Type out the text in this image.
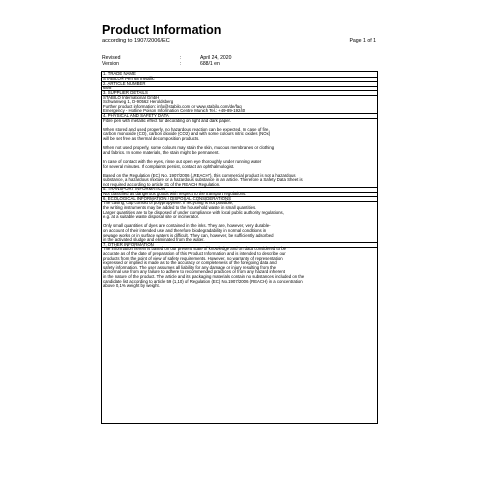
Product Information
according to 1907/2006/EC	Page 1 of 1
Revised	:	April 24, 2020
Version	:	688/1 en
1. TRADE NAME
STABILO® Pen 68 metallic
2. ARTICLE NUMBER
68/8
3. SUPPLIER DETAILS
STABILO International GmbH
Schwanweg 1, D-90562 Heroldsberg
Further product information: info@stabilo.com or www.stabilo.com/de/faq
Emergency - Hotline Poison Information Centre Munich Tel.: +49-89-19240
4. PHYSICAL AND SAFETY DATA
Fibre pen with metallic effect for decorating on light and dark paper.
When stored and used properly, no hazardous reaction can be expected. In case of fire,
carbon monoxide (CO), carbon dioxide (CO2) and with some colours nitric oxides (NOx)
will be set free as thermal decomposition products.
When not used properly, some colours may stain the skin, mucous membranes or clothing
and fabrics. In some materials, the stain might be permanent.
In case of contact with the eyes, rinse out open eye thoroughly under running water
for several minutes. If complaints persist, contact an ophthalmologist.
Based on the Regulation (EC) No. 1907/2006 („REACH“), this commercial product is not a hazardous
substance, a hazardous mixture or a hazardous substance in an article. Therefore a Safety Data Sheet is
not required according to article 31 of the REACH Regulation.
5. TRANSPORT INFORMATION
Not classified as dangerous goods with respect to the transport regulations.
6. ECOLOGICAL INFORMATION / DISPOSAL CONSIDERATIONS
The casing, cap consist of polypropylene. If recycling is not possible,
the writing instruments may be added to the household waste in small quantities.
Larger quantities are to be disposed of under compliance with local public authority regulations,
e.g. at a suitable waste disposal site or incinerator.
Only small quantities of dyes are contained in the inks. They are, however, very durable-
on account of their intended use and therefore biodegradability in normal conditions in
sewage works or in surface waters is difficult. They can, however, be sufficiently adsorbed
in the activated sludge and eliminated from the water.
7. OTHER INFORMATION
The information herein is based on our present state of knowledge and on data considered to be
accurate as of the date of preparation of this Product Information and is intended to describe our
products from the point of view of safety requirements. However, no warranty of representation
expressed or implied is made as to the accuracy or completeness of the foregoing data and
safety information. The user assumes all liability for any damage or injury resulting from the
abnormal use from any failure to adhere to recommended practices or from any hazard inherent
in the nature of the product. The article and its packaging materials contain no substances included on the
candidate list according to article 59 (1,10) of Regulation (EC) No.1907/2006 (REACH) in a concentration
above 0,1% weight by weight.
